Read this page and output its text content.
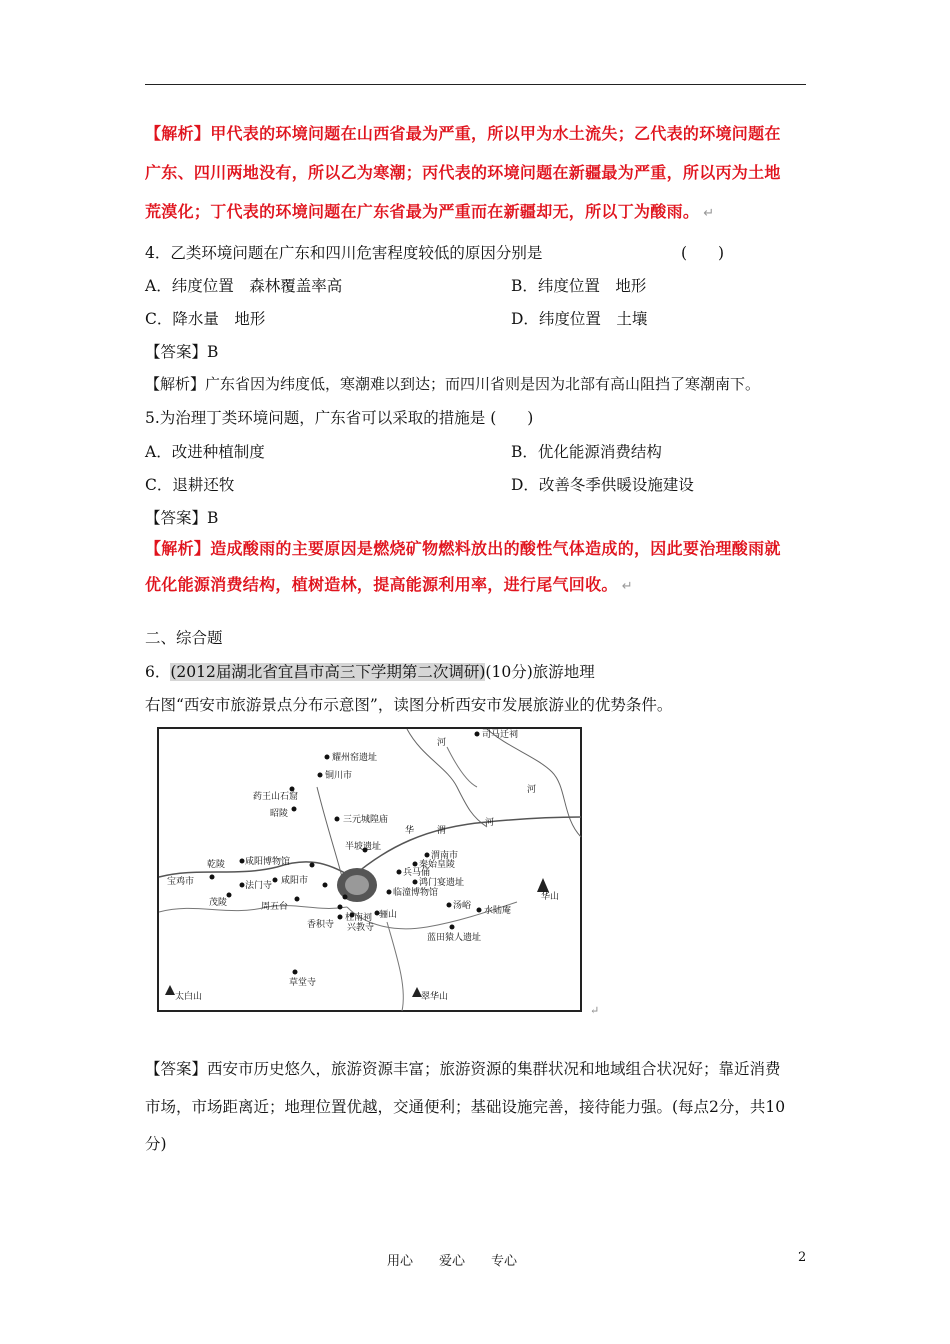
【解析】甲代表的环境问题在山西省最为严重，所以甲为水土流失；乙代表的环境问题在
广东、四川两地没有，所以乙为寒潮；丙代表的环境问题在新疆最为严重，所以丙为土地
荒漠化；丁代表的环境问题在广东省最为严重而在新疆却无，所以丁为酸雨。 ↵
4．乙类环境问题在广东和四川危害程度较低的原因分别是	(　　)
A．纬度位置　森林覆盖率高	B．纬度位置　地形
C．降水量　地形	D．纬度位置　土壤
【答案】B
【解析】广东省因为纬度低，寒潮难以到达；而四川省则是因为北部有高山阻挡了寒潮南下。
5.为治理丁类环境问题，广东省可以采取的措施是 (　　)
A．改进种植制度	B．优化能源消费结构
C．退耕还牧	D．改善冬季供暖设施建设
【答案】B
【解析】造成酸雨的主要原因是燃烧矿物燃料放出的酸性气体造成的，因此要治理酸雨就
优化能源消费结构，植树造林，提高能源利用率，进行尾气回收。 ↵
二、综合题
6．(2012届湖北省宜昌市高三下学期第二次调研)(10分)旅游地理
右图“西安市旅游景点分布示意图”，读图分析西安市发展旅游业的优势条件。
司马迁祠
耀州窑遗址
铜川市
药王山石窟
昭陵
三元城隍庙
华	渭
河
河
河
渭南市
秦始皇陵
兵马俑
鸿门宴遗址
临潼博物馆
半坡遗址
乾陵 咸阳博物馆
咸阳市
宝鸡市	法门寺
茂陵	周五台
香积寺
杜南祠
兴教寺
骊山
汤峪 水陆庵
蓝田猿人遗址
华山
太白山
草堂寺
翠华山
↵
【答案】西安市历史悠久，旅游资源丰富；旅游资源的集群状况和地域组合状况好；靠近消费
市场，市场距离近；地理位置优越，交通便利；基础设施完善，接待能力强。(每点2分，共10
分)
用心　　爱心　　专心	2
